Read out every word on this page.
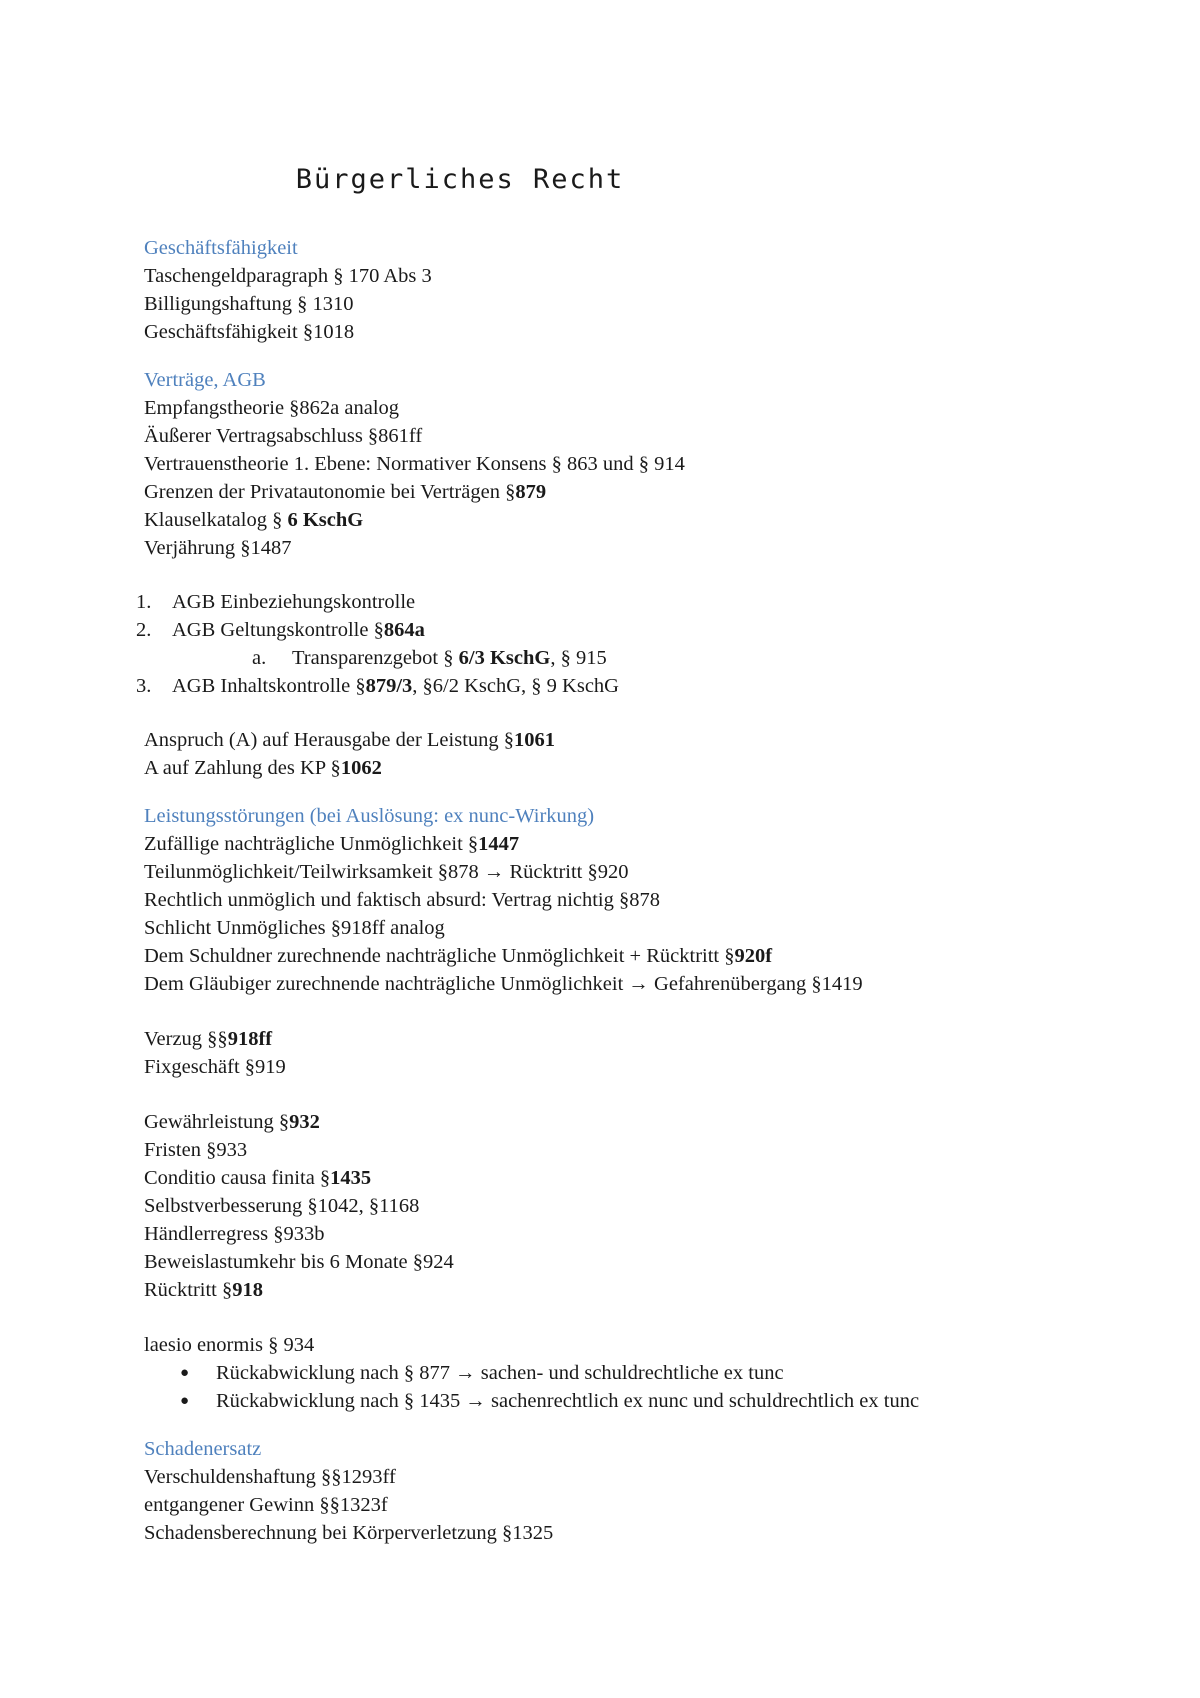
Bürgerliches Recht
Geschäftsfähigkeit
Taschengeldparagraph § 170 Abs 3
Billigungshaftung § 1310
Geschäftsfähigkeit §1018
Verträge, AGB
Empfangstheorie §862a analog
Äußerer Vertragsabschluss §861ff
Vertrauenstheorie 1. Ebene: Normativer Konsens § 863 und § 914
Grenzen der Privatautonomie bei Verträgen §879
Klauselkatalog § 6 KschG
Verjährung §1487
1. AGB Einbeziehungskontrolle
2. AGB Geltungskontrolle §864a
a. Transparenzgebot § 6/3 KschG, § 915
3. AGB Inhaltskontrolle §879/3, §6/2 KschG, § 9 KschG
Anspruch (A) auf Herausgabe der Leistung §1061
A auf Zahlung des KP §1062
Leistungsstörungen (bei Auslösung: ex nunc-Wirkung)
Zufällige nachträgliche Unmöglichkeit §1447
Teilunmöglichkeit/Teilwirksamkeit §878 → Rücktritt §920
Rechtlich unmöglich und faktisch absurd: Vertrag nichtig §878
Schlicht Unmögliches §918ff analog
Dem Schuldner zurechnende nachträgliche Unmöglichkeit + Rücktritt §920f
Dem Gläubiger zurechnende nachträgliche Unmöglichkeit → Gefahrenübergang §1419
Verzug §§918ff
Fixgeschäft §919
Gewährleistung §932
Fristen §933
Conditio causa finita §1435
Selbstverbesserung §1042, §1168
Händlerregress §933b
Beweislastumkehr bis 6 Monate §924
Rücktritt §918
laesio enormis § 934
● Rückabwicklung nach § 877 → sachen- und schuldrechtliche ex tunc
● Rückabwicklung nach § 1435 → sachenrechtlich ex nunc und schuldrechtlich ex tunc
Schadenersatz
Verschuldenshaftung §§1293ff
entgangener Gewinn §§1323f
Schadensberechnung bei Körperverletzung §1325
